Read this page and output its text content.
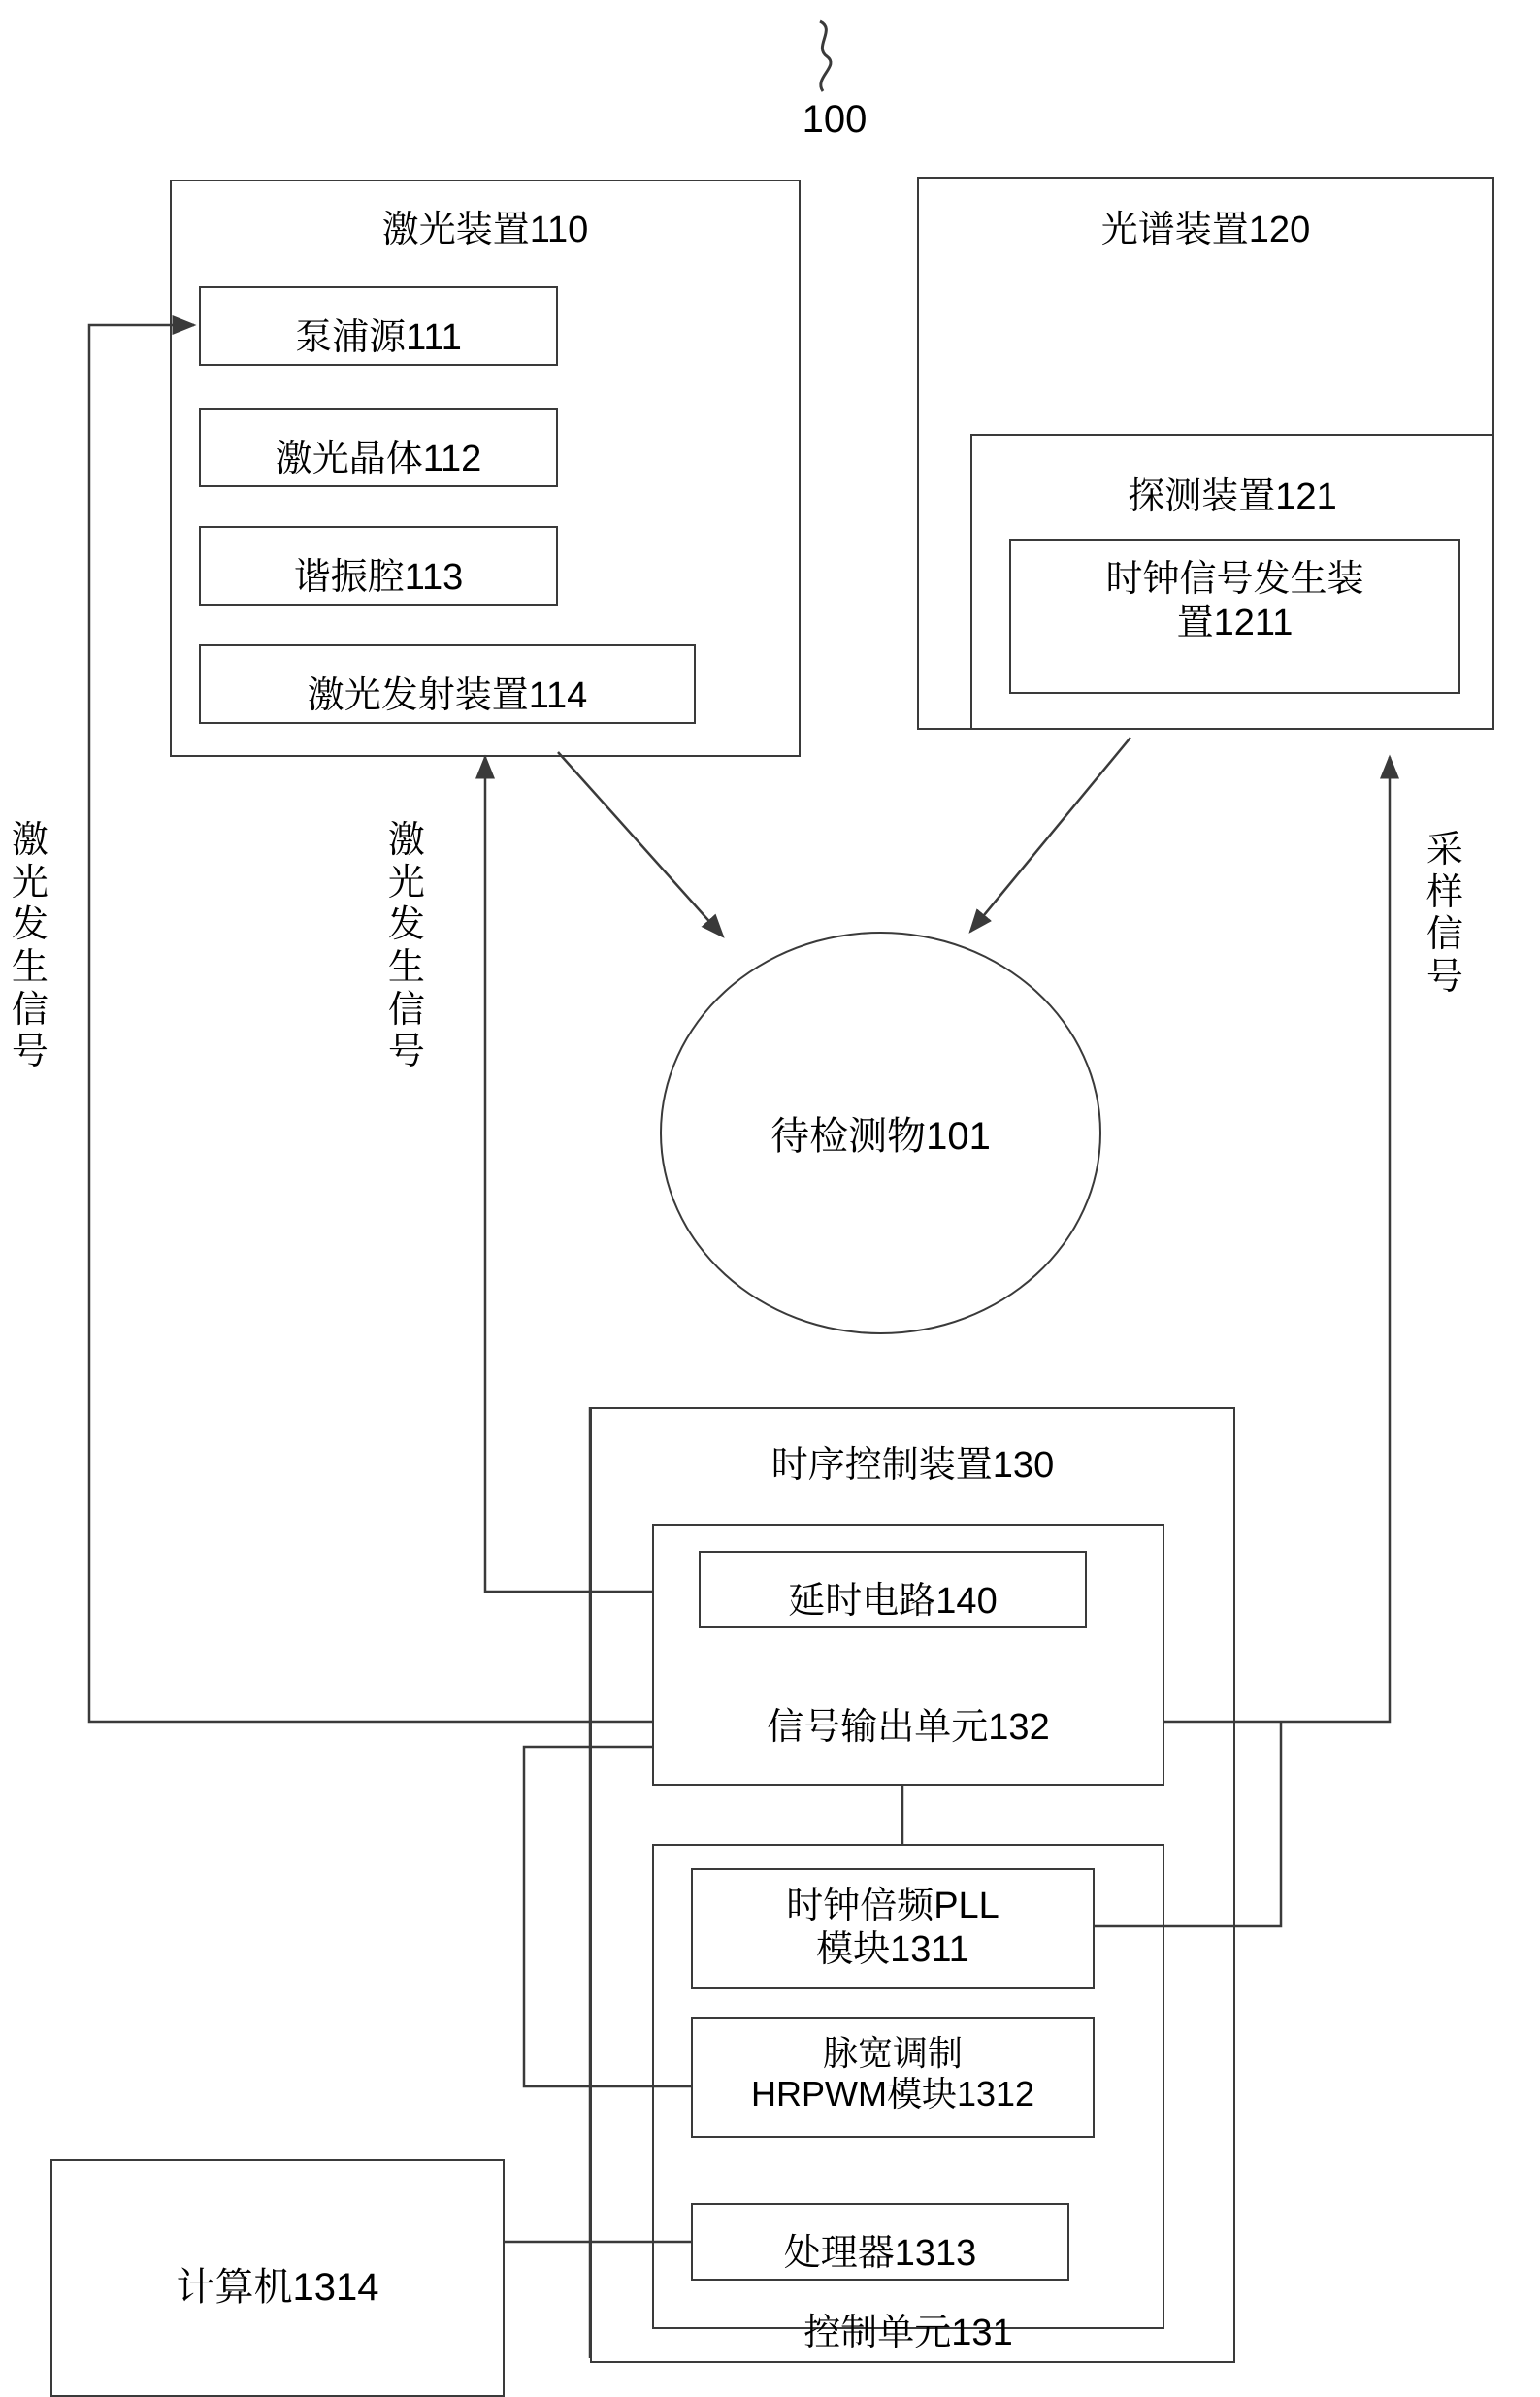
100
激光装置110
泵浦源111
激光晶体112
谐振腔113
激光发射装置114
光谱装置120
探测装置121
时钟信号发生装
置1211
待检测物101
激
光
发
生
信
号
激
光
发
生
信
号
采
样
信
号
时序控制装置130
延时电路140
信号输出单元132
时钟倍频PLL
模块1311
脉宽调制
HRPWM模块1312
处理器1313
控制单元131
计算机1314
